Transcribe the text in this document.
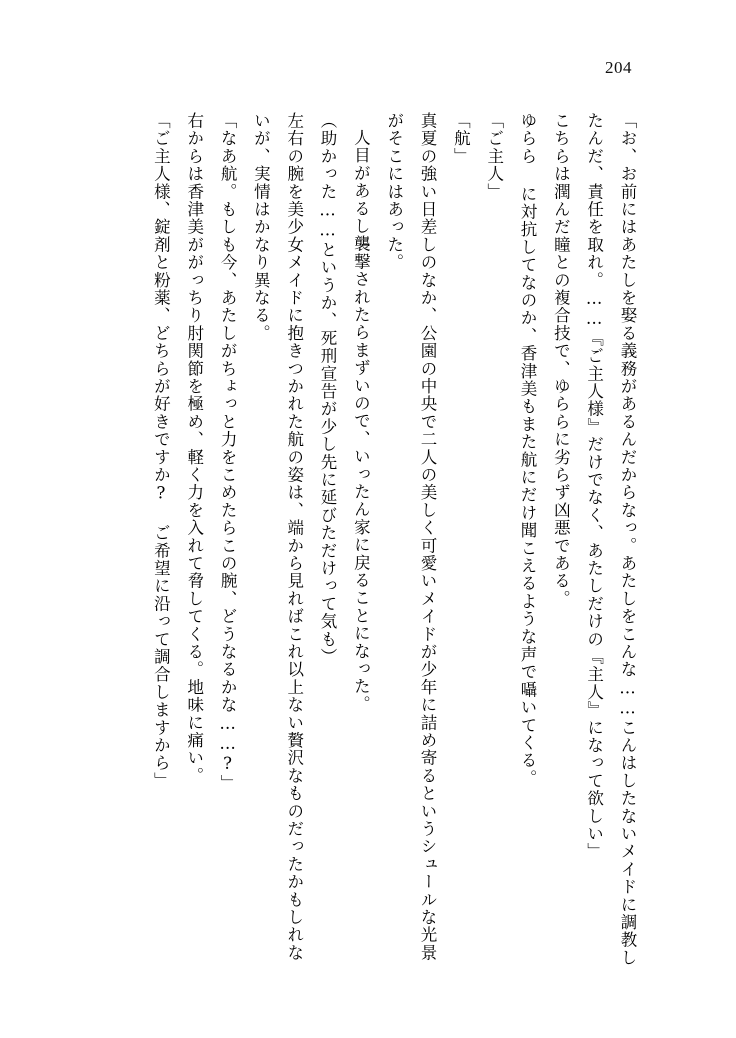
204

「お、お前にはあたしを娶る義務があるんだからなっ。あたしをこんな……こんはしたないメイドに調教したんだ、責任を取れ。……『ご主人様』だけでなく、あたしだけの『主人』になって欲しい」

こちらは潤んだ瞳との複合技で、ゆららに劣らず凶悪である。

ゆらら に対抗してなのか、香津美もまた航にだけ聞こえるような声で囁いてくる。

「ご主人」

「航」

真夏の強い日差しのなか、公園の中央で二人の美しく可愛いメイドが少年に詰め寄るというシュールな光景がそこにはあった。

人目があるし襲撃されたらまずいので、いったん家に戻ることになった。

（助かった……というか、死刑宣告が少し先に延びただけって気も）

左右の腕を美少女メイドに抱きつかれた航の姿は、端から見ればこれ以上ない贅沢なものだったかもしれないが、実情はかなり異なる。

「なあ航。もしも今、あたしがちょっと力をこめたらこの腕、どうなるかな……?」

右からは香津美ががっちり肘関節を極め、軽く力を入れて脅してくる。地味に痛い。

「ご主人様、錠剤と粉薬、どちらが好きですか? ご希望に沿って調合しますから」
